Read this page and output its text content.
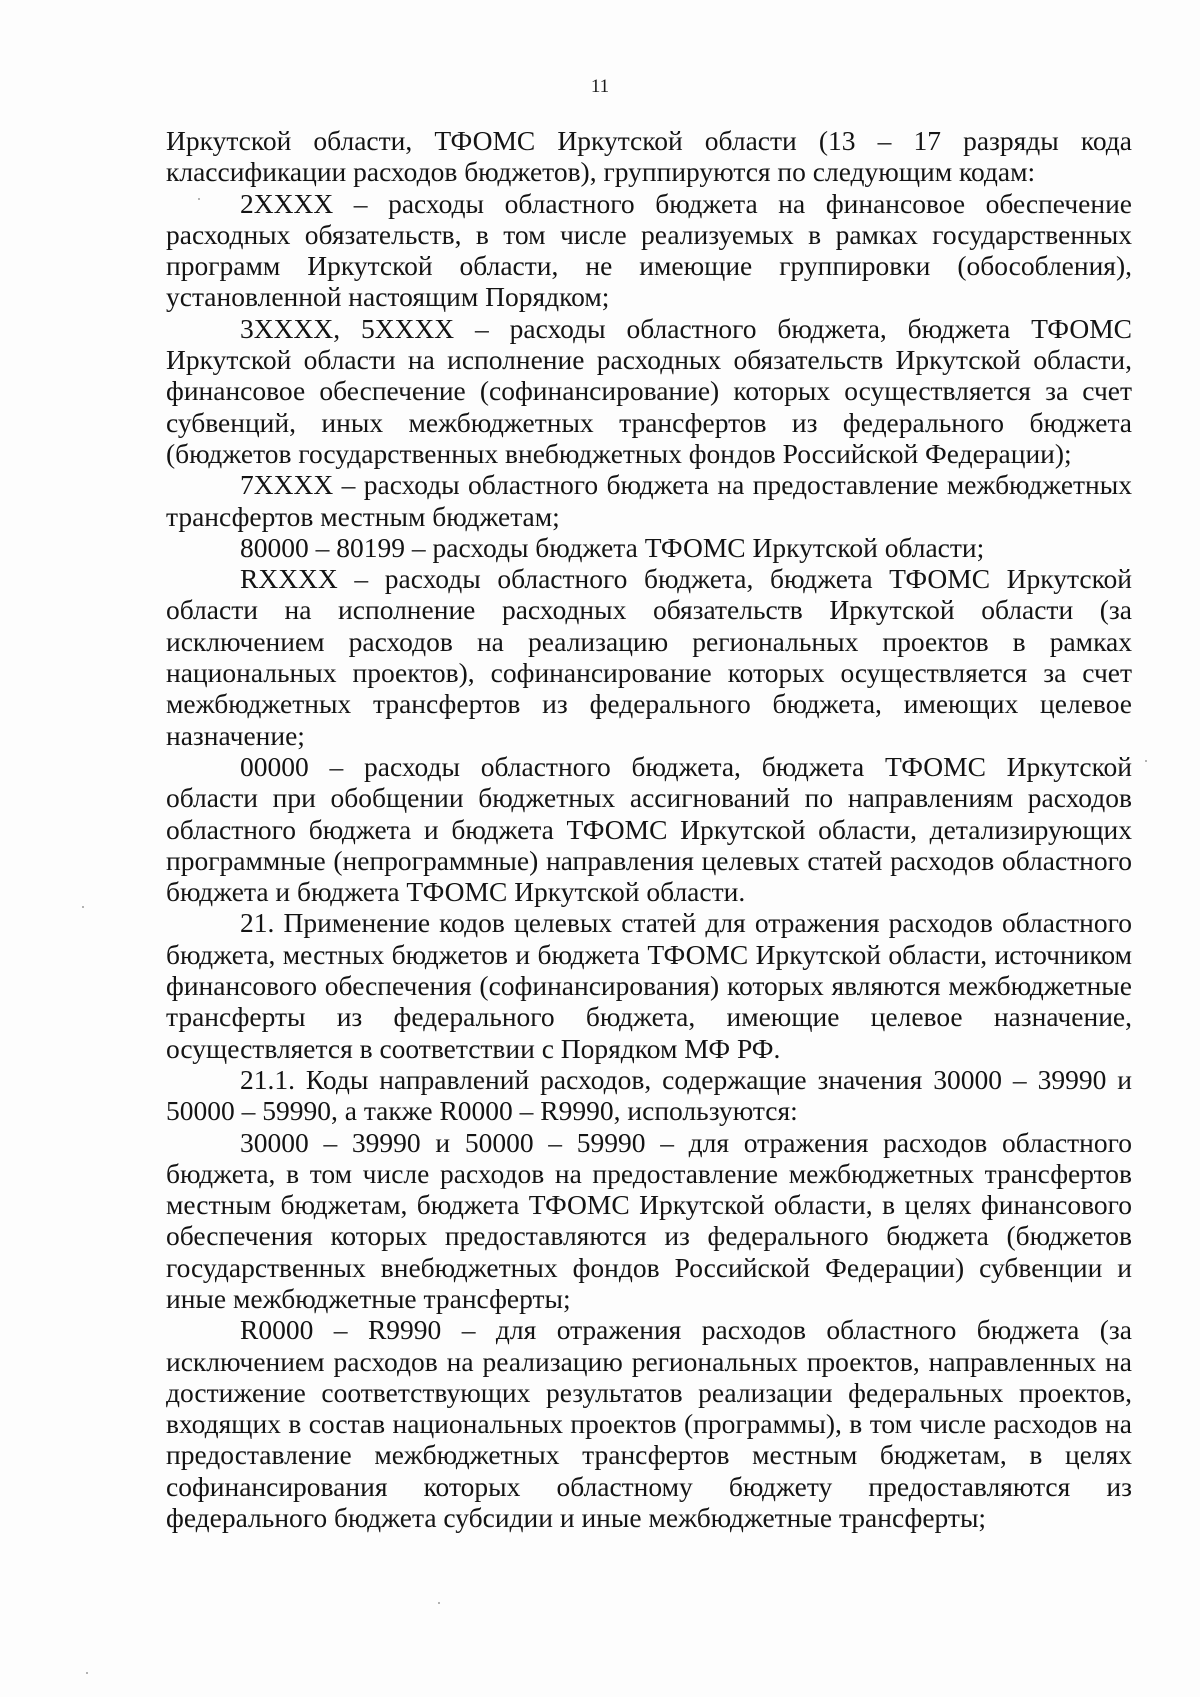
11

Иркутской области, ТФОМС Иркутской области (13 – 17 разряды кода классификации расходов бюджетов), группируются по следующим кодам:

2XXXX – расходы областного бюджета на финансовое обеспечение расходных обязательств, в том числе реализуемых в рамках государственных программ Иркутской области, не имеющие группировки (обособления), установленной настоящим Порядком;

3XXXX, 5XXXX – расходы областного бюджета, бюджета ТФОМС Иркутской области на исполнение расходных обязательств Иркутской области, финансовое обеспечение (софинансирование) которых осуществляется за счет субвенций, иных межбюджетных трансфертов из федерального бюджета (бюджетов государственных внебюджетных фондов Российской Федерации);

7XXXX – расходы областного бюджета на предоставление межбюджетных трансфертов местным бюджетам;

80000 – 80199 – расходы бюджета ТФОМС Иркутской области;

RXXXX – расходы областного бюджета, бюджета ТФОМС Иркутской области на исполнение расходных обязательств Иркутской области (за исключением расходов на реализацию региональных проектов в рамках национальных проектов), софинансирование которых осуществляется за счет межбюджетных трансфертов из федерального бюджета, имеющих целевое назначение;

00000 – расходы областного бюджета, бюджета ТФОМС Иркутской области при обобщении бюджетных ассигнований по направлениям расходов областного бюджета и бюджета ТФОМС Иркутской области, детализирующих программные (непрограммные) направления целевых статей расходов областного бюджета и бюджета ТФОМС Иркутской области.

21. Применение кодов целевых статей для отражения расходов областного бюджета, местных бюджетов и бюджета ТФОМС Иркутской области, источником финансового обеспечения (софинансирования) которых являются межбюджетные трансферты из федерального бюджета, имеющие целевое назначение, осуществляется в соответствии с Порядком МФ РФ.

21.1. Коды направлений расходов, содержащие значения 30000 – 39990 и 50000 – 59990, а также R0000 – R9990, используются:

30000 – 39990 и 50000 – 59990 – для отражения расходов областного бюджета, в том числе расходов на предоставление межбюджетных трансфертов местным бюджетам, бюджета ТФОМС Иркутской области, в целях финансового обеспечения которых предоставляются из федерального бюджета (бюджетов государственных внебюджетных фондов Российской Федерации) субвенции и иные межбюджетные трансферты;

R0000 – R9990 – для отражения расходов областного бюджета (за исключением расходов на реализацию региональных проектов, направленных на достижение соответствующих результатов реализации федеральных проектов, входящих в состав национальных проектов (программы), в том числе расходов на предоставление межбюджетных трансфертов местным бюджетам, в целях софинансирования которых областному бюджету предоставляются из федерального бюджета субсидии и иные межбюджетные трансферты;
